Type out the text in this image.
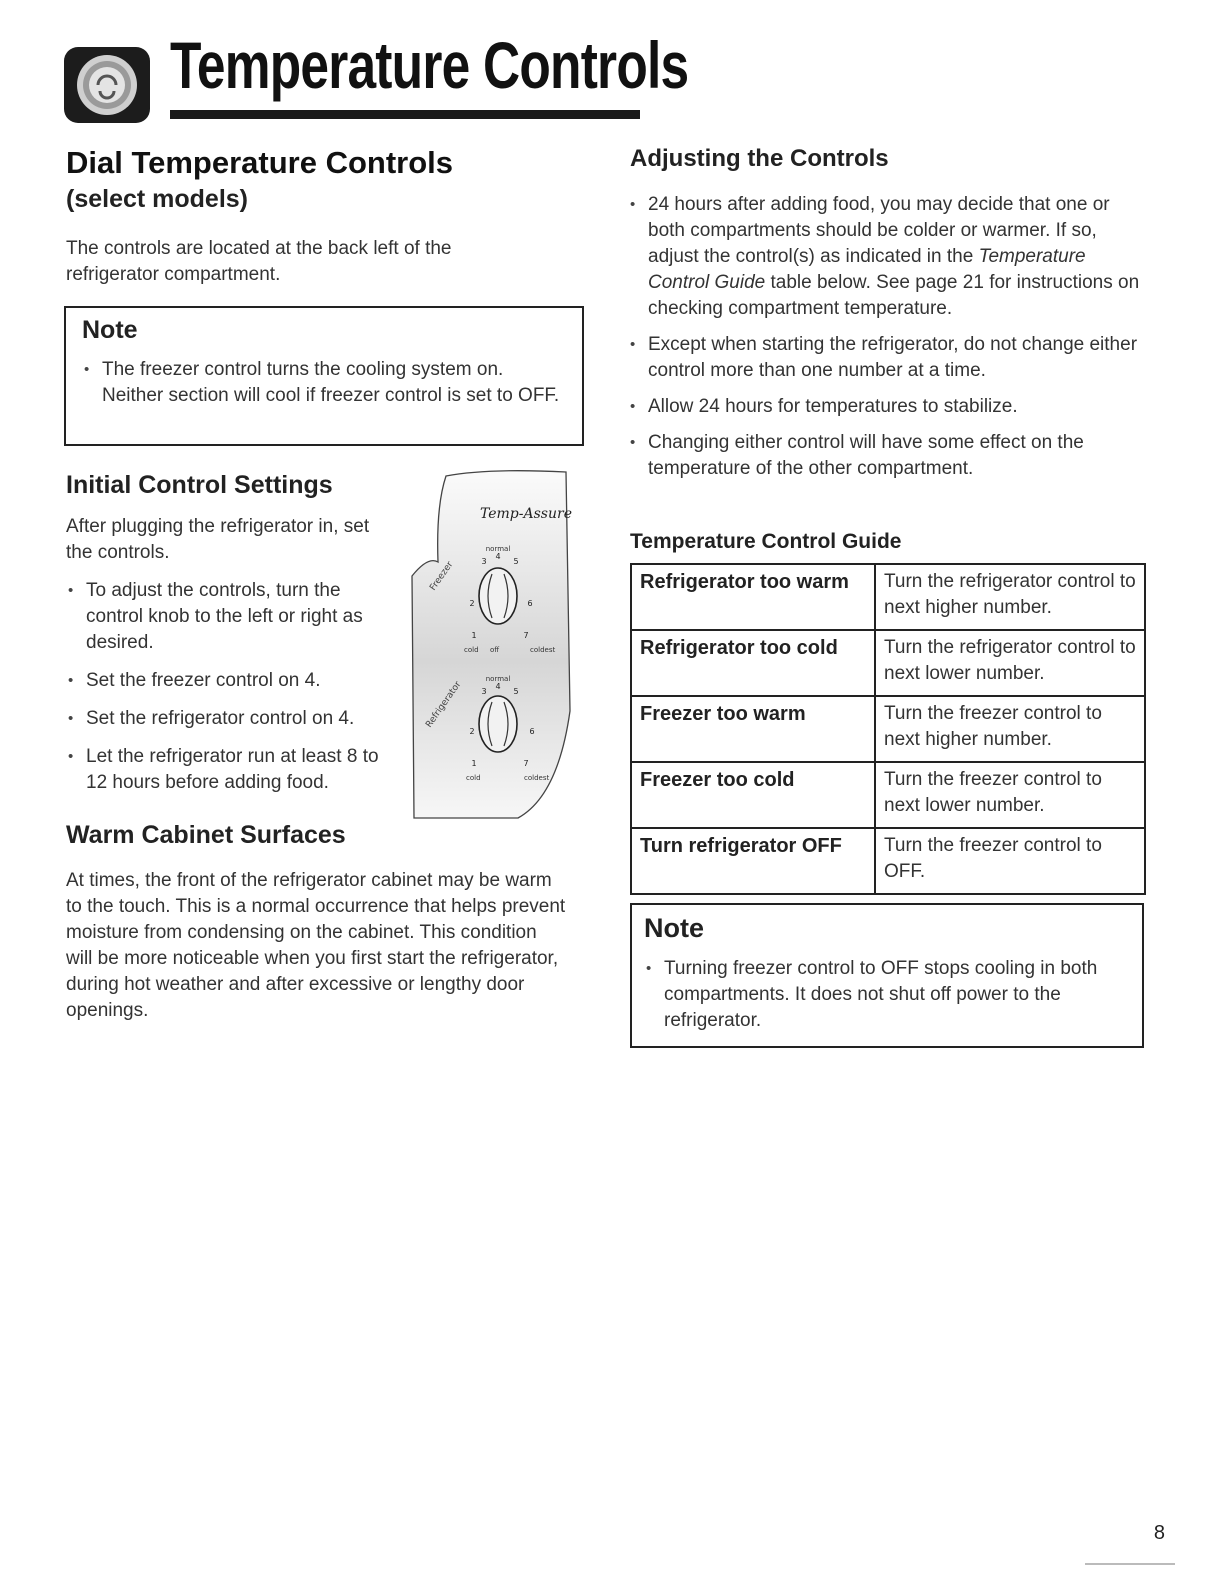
Temperature Controls
Dial Temperature Controls
(select models)

The controls are located at the back left of the refrigerator compartment.

Note
• The freezer control turns the cooling system on. Neither section will cool if freezer control is set to OFF.
Initial Control Settings

After plugging the refrigerator in, set the controls.

• To adjust the controls, turn the control knob to the left or right as desired.
• Set the freezer control on 4.
• Set the refrigerator control on 4.
• Let the refrigerator run at least 8 to 12 hours before adding food.
Temp-Assure
normal
4
3	5
2	6
1	7
Freezer
cold off	coldest
normal
4
3	5
2	6
1	7
Refrigerator
cold	coldest
Warm Cabinet Surfaces

At times, the front of the refrigerator cabinet may be warm to the touch. This is a normal occurrence that helps prevent moisture from condensing on the cabinet. This condition will be more noticeable when you first start the refrigerator, during hot weather and after excessive or lengthy door openings.

Adjusting the Controls
• 24 hours after adding food, you may decide that one or both compartments should be colder or warmer. If so, adjust the control(s) as indicated in the Temperature Control Guide table below. See page 21 for instructions on checking compartment temperature.
• Except when starting the refrigerator, do not change either control more than one number at a time.
• Allow 24 hours for temperatures to stabilize.
• Changing either control will have some effect on the temperature of the other compartment.
Temperature Control Guide
Refrigerator too warm	Turn the refrigerator control to next higher number.
Refrigerator too cold	Turn the refrigerator control to next lower number.
Freezer too warm	Turn the freezer control to next higher number.
Freezer too cold	Turn the freezer control to next lower number.
Turn refrigerator OFF	Turn the freezer control to OFF.
Note
• Turning freezer control to OFF stops cooling in both compartments. It does not shut off power to the refrigerator.
8
